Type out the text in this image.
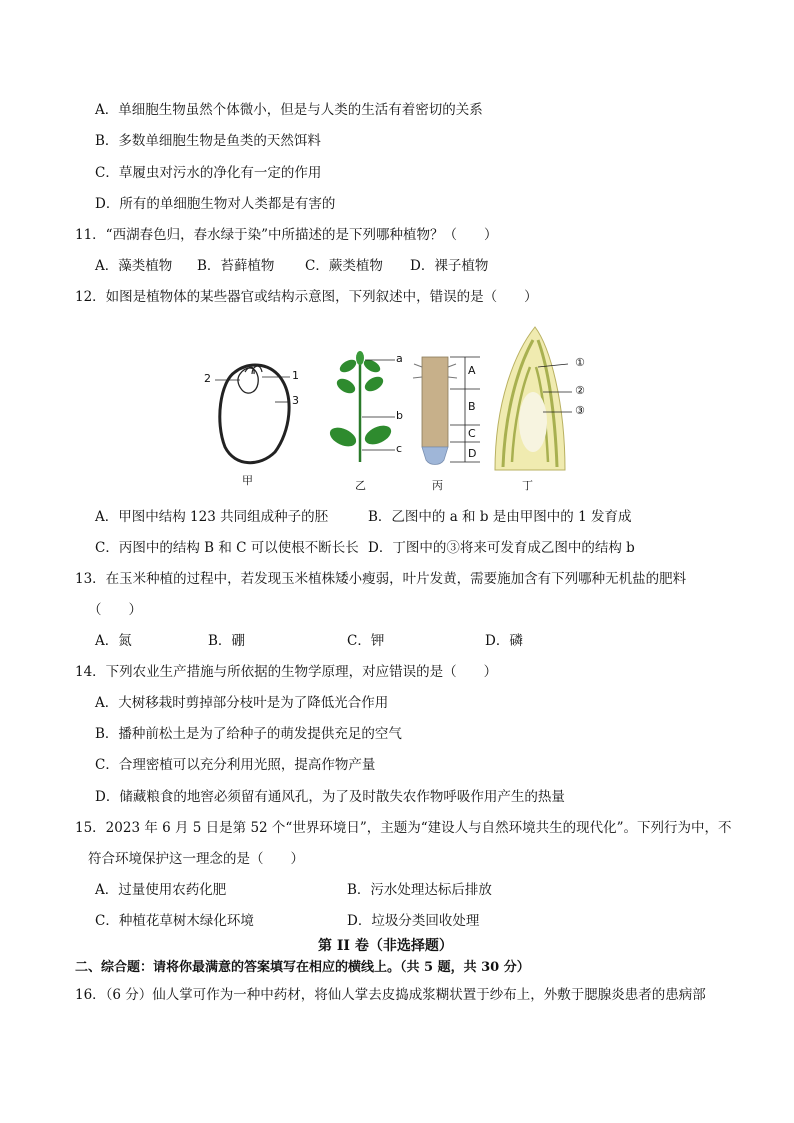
A．单细胞生物虽然个体微小，但是与人类的生活有着密切的关系
B．多数单细胞生物是鱼类的天然饵料
C．草履虫对污水的净化有一定的作用
D．所有的单细胞生物对人类都是有害的
11．“西湖春色归，春水绿于染”中所描述的是下列哪种植物？（　　）
A．藻类植物 B．苔藓植物 C．蕨类植物 D．裸子植物
12．如图是植物体的某些器官或结构示意图，下列叙述中，错误的是（　　）
2	1
3
a
b
c
A
B
C
D
①
②
③
甲	乙	丙	丁
A．甲图中结构 123 共同组成种子的胚	B．乙图中的 a 和 b 是由甲图中的 1 发育成
C．丙图中的结构 B 和 C 可以使根不断长长 D．丁图中的③将来可发育成乙图中的结构 b
13．在玉米种植的过程中，若发现玉米植株矮小瘦弱，叶片发黄，需要施加含有下列哪种无机盐的肥料
（　　）
A．氮	B．硼	C．钾	D．磷
14．下列农业生产措施与所依据的生物学原理，对应错误的是（　　）
A．大树移栽时剪掉部分枝叶是为了降低光合作用
B．播种前松土是为了给种子的萌发提供充足的空气
C．合理密植可以充分利用光照，提高作物产量
D．储藏粮食的地窖必须留有通风孔，为了及时散失农作物呼吸作用产生的热量
15．2023 年 6 月 5 日是第 52 个“世界环境日”，主题为“建设人与自然环境共生的现代化”。下列行为中，不
符合环境保护这一理念的是（　　）
A．过量使用农药化肥	B．污水处理达标后排放
C．种植花草树木绿化环境	D．垃圾分类回收处理
第 II 卷（非选择题）
二、综合题：请将你最满意的答案填写在相应的横线上。（共 5 题，共 30 分）
16．（6 分）仙人掌可作为一种中药材，将仙人掌去皮捣成浆糊状置于纱布上，外敷于腮腺炎患者的患病部
